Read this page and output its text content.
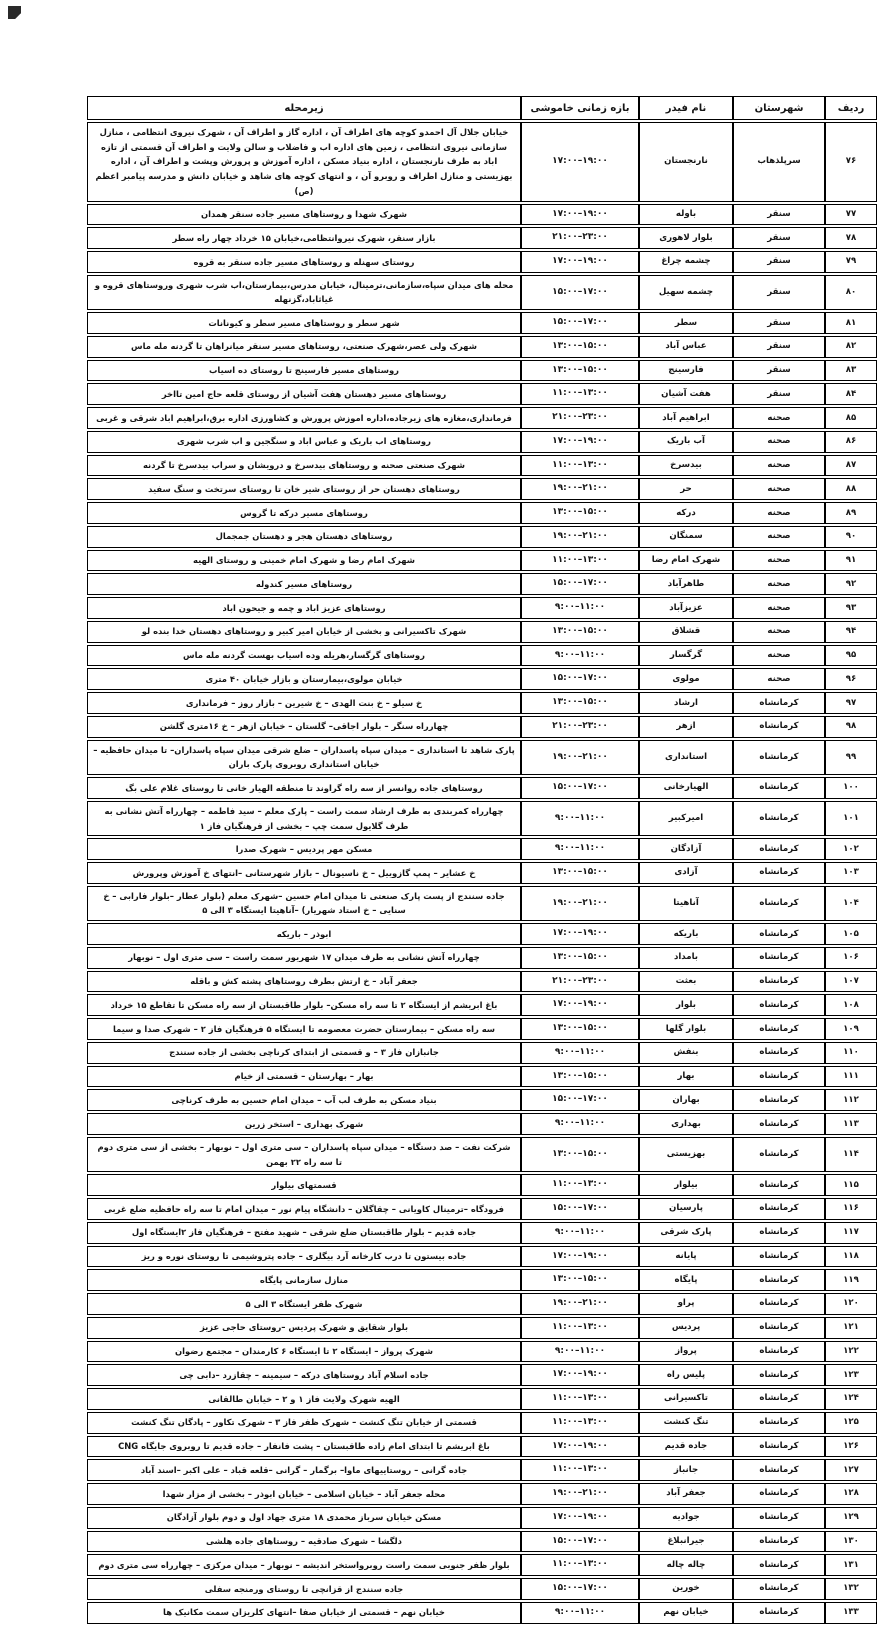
ردیف	شهرستان	نام فیدر	بازه زمانی خاموشی	زیرمحله
۷۶	سرپلذهاب	نارنجستان	۱۷:۰۰–۱۹:۰۰	خیابان جلال آل احمدو کوچه های اطراف آن ، اداره گاز و اطراف آن ، شهرک نیروی انتظامی ، منازل سازمانی نیروی انتظامی ، زمین های اداره اب و فاضلاب و سالن ولایت و اطراف آن قسمتی از تازه اباد به طرف نارنجستان ، اداره بنیاد مسکن ، اداره آموزش و پرورش وپشت و اطراف آن ، اداره بهزیستی و منازل اطراف و روبرو آن ، و انتهای کوچه های شاهد و خیابان دانش و مدرسه پیامبر اعظم (ص)
۷۷	سنقر	باوله	۱۷:۰۰–۱۹:۰۰	شهرک شهدا و روستاهای مسیر جاده سنقر همدان
۷۸	سنقر	بلوار لاهوری	۲۱:۰۰–۲۳:۰۰	بازار سنقر، شهرک نیروانتظامی،خیابان ۱۵ خرداد چهار راه سطر
۷۹	سنقر	چشمه چراغ	۱۷:۰۰–۱۹:۰۰	روستای سهنله و روستاهای مسیر جاده سنقر به قروه
۸۰	سنقر	چشمه سهیل	۱۵:۰۰–۱۷:۰۰	محله های میدان سپاه،سازمانی،ترمینال، خیابان مدرس،بیمارستان،اب شرب شهری وروستاهای قروه و غیاثاباد،گزنهله
۸۱	سنقر	سطر	۱۵:۰۰–۱۷:۰۰	شهر سطر و روستاهای مسیر سطر و کیونانات
۸۲	سنقر	عباس آباد	۱۳:۰۰–۱۵:۰۰	شهرک ولی عصر،شهرک صنعتی، روستاهای مسیر سنقر میانراهان تا گردنه مله ماس
۸۳	سنقر	فارسینج	۱۳:۰۰–۱۵:۰۰	روستاهای مسیر فارسینج تا روستای ده اسیاب
۸۴	سنقر	هفت آشیان	۱۱:۰۰–۱۳:۰۰	روستاهای مسیر دهستان هفت آشیان از روستای قلعه حاج امین تااخر
۸۵	صحنه	ابراهیم آباد	۲۱:۰۰–۲۳:۰۰	فرمانداری،مغازه های زیرجاده،اداره اموزش پرورش و کشاورزی اداره برق،ابراهیم اباد شرقی و غربی
۸۶	صحنه	آب باریک	۱۷:۰۰–۱۹:۰۰	روستاهای اب باریک و عباس اباد و سنگجین و اب شرب شهری
۸۷	صحنه	بیدسرخ	۱۱:۰۰–۱۳:۰۰	شهرک صنعتی صحنه و روستاهای بیدسرخ و درویشان و سراب بیدسرخ تا گردنه
۸۸	صحنه	حر	۱۹:۰۰–۲۱:۰۰	روستاهای دهستان حر از روستای شیر خان تا روستای سرتخت و سنگ سفید
۸۹	صحنه	درکه	۱۳:۰۰–۱۵:۰۰	روستاهای مسیر درکه تا گروس
۹۰	صحنه	سمنگان	۱۹:۰۰–۲۱:۰۰	روستاهای دهستان هجر و دهستان جمجمال
۹۱	صحنه	شهرک امام رضا	۱۱:۰۰–۱۳:۰۰	شهرک امام رضا و شهرک امام خمینی و روستای الهیه
۹۲	صحنه	طاهرآباد	۱۵:۰۰–۱۷:۰۰	روستاهای مسیر کندوله
۹۳	صحنه	عزیزآباد	۹:۰۰–۱۱:۰۰	روستاهای عزیز اباد و چمه و جیحون اباد
۹۴	صحنه	قشلاق	۱۳:۰۰–۱۵:۰۰	شهرک تاکسیرانی و بخشی از خیابان امیر کبیر و روستاهای دهستان خدا بنده لو
۹۵	صحنه	گرگسار	۹:۰۰–۱۱:۰۰	روستاهای گرگسار،هریله وده اسیاب بهست گردنه مله ماس
۹۶	صحنه	مولوی	۱۵:۰۰–۱۷:۰۰	خیابان مولوی،بیمارستان و بازار خیابان ۴۰ متری
۹۷	کرمانشاه	ارشاد	۱۳:۰۰–۱۵:۰۰	خ سیلو – خ بنت الهدی – خ شیرین – بازار روز – فرمانداری
۹۸	کرمانشاه	ازهر	۲۱:۰۰–۲۳:۰۰	چهارراه سنگر – بلوار اجاقی– گلستان – خیابان ازهر – خ ۱۶متری گلشن
۹۹	کرمانشاه	استانداری	۱۹:۰۰–۲۱:۰۰	پارک شاهد تا استانداری – میدان سپاه پاسداران – ضلع شرقی میدان سپاه پاسداران– تا میدان حافظیه – خیابان استانداری روبروی پارک باران
۱۰۰	کرمانشاه	الهیارخانی	۱۵:۰۰–۱۷:۰۰	روستاهای جاده روانسر از سه راه گراوند تا منطقه الهیار خانی تا روستای غلام علی بگ
۱۰۱	کرمانشاه	امیرکبیر	۹:۰۰–۱۱:۰۰	چهارراه کمربندی به طرف ارشاد سمت راست – پارک معلم – سید فاطمه – چهارراه آتش نشانی به طرف گلایول سمت چپ – بخشی از فرهنگیان فاز ۱
۱۰۲	کرمانشاه	آزادگان	۹:۰۰–۱۱:۰۰	مسکن مهر پردیس – شهرک صدرا
۱۰۳	کرمانشاه	آزادی	۱۳:۰۰–۱۵:۰۰	خ عشایر – پمپ گازوییل – خ ناسیونال – بازار شهرستانی –انتهای خ آموزش وپرورش
۱۰۴	کرمانشاه	آناهیتا	۱۹:۰۰–۲۱:۰۰	جاده سنندج از پست پارک صنعتی تا میدان امام حسین –شهرک معلم (بلوار عطار –بلوار فارابی – خ سنایی – خ استاد شهریار) –آناهیتا ایستگاه ۳ الی ۵
۱۰۵	کرمانشاه	باریکه	۱۷:۰۰–۱۹:۰۰	ابوذر – باریکه
۱۰۶	کرمانشاه	بامداد	۱۳:۰۰–۱۵:۰۰	چهارراه آتش نشانی به طرف میدان ۱۷ شهریور سمت راست – سی متری اول – نوبهار
۱۰۷	کرمانشاه	بعثت	۲۱:۰۰–۲۳:۰۰	جعفر آباد – خ ارتش بطرف روستاهای پشته کش و باقله
۱۰۸	کرمانشاه	بلوار	۱۷:۰۰–۱۹:۰۰	باغ ابریشم از ایستگاه ۲ تا سه راه مسکن– بلوار طاقبستان از سه راه مسکن تا تقاطع ۱۵ خرداد
۱۰۹	کرمانشاه	بلوار گلها	۱۳:۰۰–۱۵:۰۰	سه راه مسکن – بیمارستان حضرت معصومه تا ایستگاه ۵ فرهنگیان فاز ۲ – شهرک صدا و سیما
۱۱۰	کرمانشاه	بنفش	۹:۰۰–۱۱:۰۰	جانبازان فاز ۳ – و قسمتی از ابتدای کرناچی بخشی از جاده سنندج
۱۱۱	کرمانشاه	بهار	۱۳:۰۰–۱۵:۰۰	بهار – بهارستان – قسمتی از خیام
۱۱۲	کرمانشاه	بهاران	۱۵:۰۰–۱۷:۰۰	بنیاد مسکن به طرف لب آب – میدان امام حسین به طرف کرناچی
۱۱۳	کرمانشاه	بهداری	۹:۰۰–۱۱:۰۰	شهرک بهداری – استخر زرین
۱۱۴	کرمانشاه	بهزیستی	۱۳:۰۰–۱۵:۰۰	شرکت نفت – صد دستگاه – میدان سپاه پاسداران – سی متری اول – نوبهار – بخشی از سی متری دوم تا سه راه ۲۲ بهمن
۱۱۵	کرمانشاه	بیلوار	۱۱:۰۰–۱۳:۰۰	قسمتهای بیلوار
۱۱۶	کرمانشاه	پارسیان	۱۵:۰۰–۱۷:۰۰	فرودگاه –ترمینال کاویانی – چقاگلان – دانشگاه پیام نور – میدان امام تا سه راه حافظیه ضلع غربی
۱۱۷	کرمانشاه	پارک شرقی	۹:۰۰–۱۱:۰۰	جاده قدیم – بلوار طاقبستان ضلع شرقی – شهید مفتح – فرهنگیان فاز ۲ایستگاه اول
۱۱۸	کرمانشاه	پایانه	۱۷:۰۰–۱۹:۰۰	جاده بیستون تا درب کارخانه آرد بیگلری – جاده پتروشیمی تا روستای نوره و ریز
۱۱۹	کرمانشاه	پایگاه	۱۳:۰۰–۱۵:۰۰	منازل سازمانی پایگاه
۱۲۰	کرمانشاه	پراو	۱۹:۰۰–۲۱:۰۰	شهرک ظفر ایستگاه ۳ الی ۵
۱۲۱	کرمانشاه	پردیس	۱۱:۰۰–۱۳:۰۰	بلوار شقایق و شهرک پردیس –روستای حاجی عزیز
۱۲۲	کرمانشاه	پرواز	۹:۰۰–۱۱:۰۰	شهرک پرواز – ایستگاه ۲ تا ایستگاه ۶ کارمندان – مجتمع رضوان
۱۲۳	کرمانشاه	پلیس راه	۱۷:۰۰–۱۹:۰۰	جاده اسلام آباد روستاهای درکه – سیمینه – چقازرد –دابی چی
۱۲۴	کرمانشاه	تاکسیرانی	۱۱:۰۰–۱۳:۰۰	الهیه شهرک ولایت فاز ۱ و ۲ – خیابان طالقانی
۱۲۵	کرمانشاه	تنگ کنشت	۱۱:۰۰–۱۳:۰۰	قسمتی از خیابان تنگ کنشت – شهرک ظفر فاز ۳ – شهرک تکاور – پادگان تنگ کنشت
۱۲۶	کرمانشاه	جاده قدیم	۱۷:۰۰–۱۹:۰۰	باغ ابریشم تا ابتدای امام زاده طاقبستان – پشت فانفار – جاده قدیم تا روبروی جایگاه CNG
۱۲۷	کرمانشاه	جانباز	۱۱:۰۰–۱۳:۰۰	جاده گرانی – روستاییهای ماوا– برگمار – گرانی –قلعه قباد – علی اکبر –اسند آباد
۱۲۸	کرمانشاه	جعفر آباد	۱۹:۰۰–۲۱:۰۰	محله جعفر آباد – خیابان اسلامی – خیابان ابوذر – بخشی از مزار شهدا
۱۲۹	کرمانشاه	جوادیه	۱۷:۰۰–۱۹:۰۰	مسکن خیابان سرباز محمدی ۱۸ متری جهاد اول و دوم بلوار آزادگان
۱۳۰	کرمانشاه	جیرانبلاغ	۱۵:۰۰–۱۷:۰۰	دلگشا – شهرک صادقیه – روستاهای جاده هلشی
۱۳۱	کرمانشاه	چاله چاله	۱۱:۰۰–۱۳:۰۰	بلوار ظفر جنوبی سمت راست روبرواستخر اندیشه – نوبهار – میدان مرکزی – چهارراه سی متری دوم
۱۳۲	کرمانشاه	خورین	۱۵:۰۰–۱۷:۰۰	جاده سنندج از قزانچی تا روستای ورمنجه سفلی
۱۳۳	کرمانشاه	خیابان نهم	۹:۰۰–۱۱:۰۰	خیابان نهم – قسمتی از خیابان صفا –انتهای کلریزان سمت مکانیک ها
